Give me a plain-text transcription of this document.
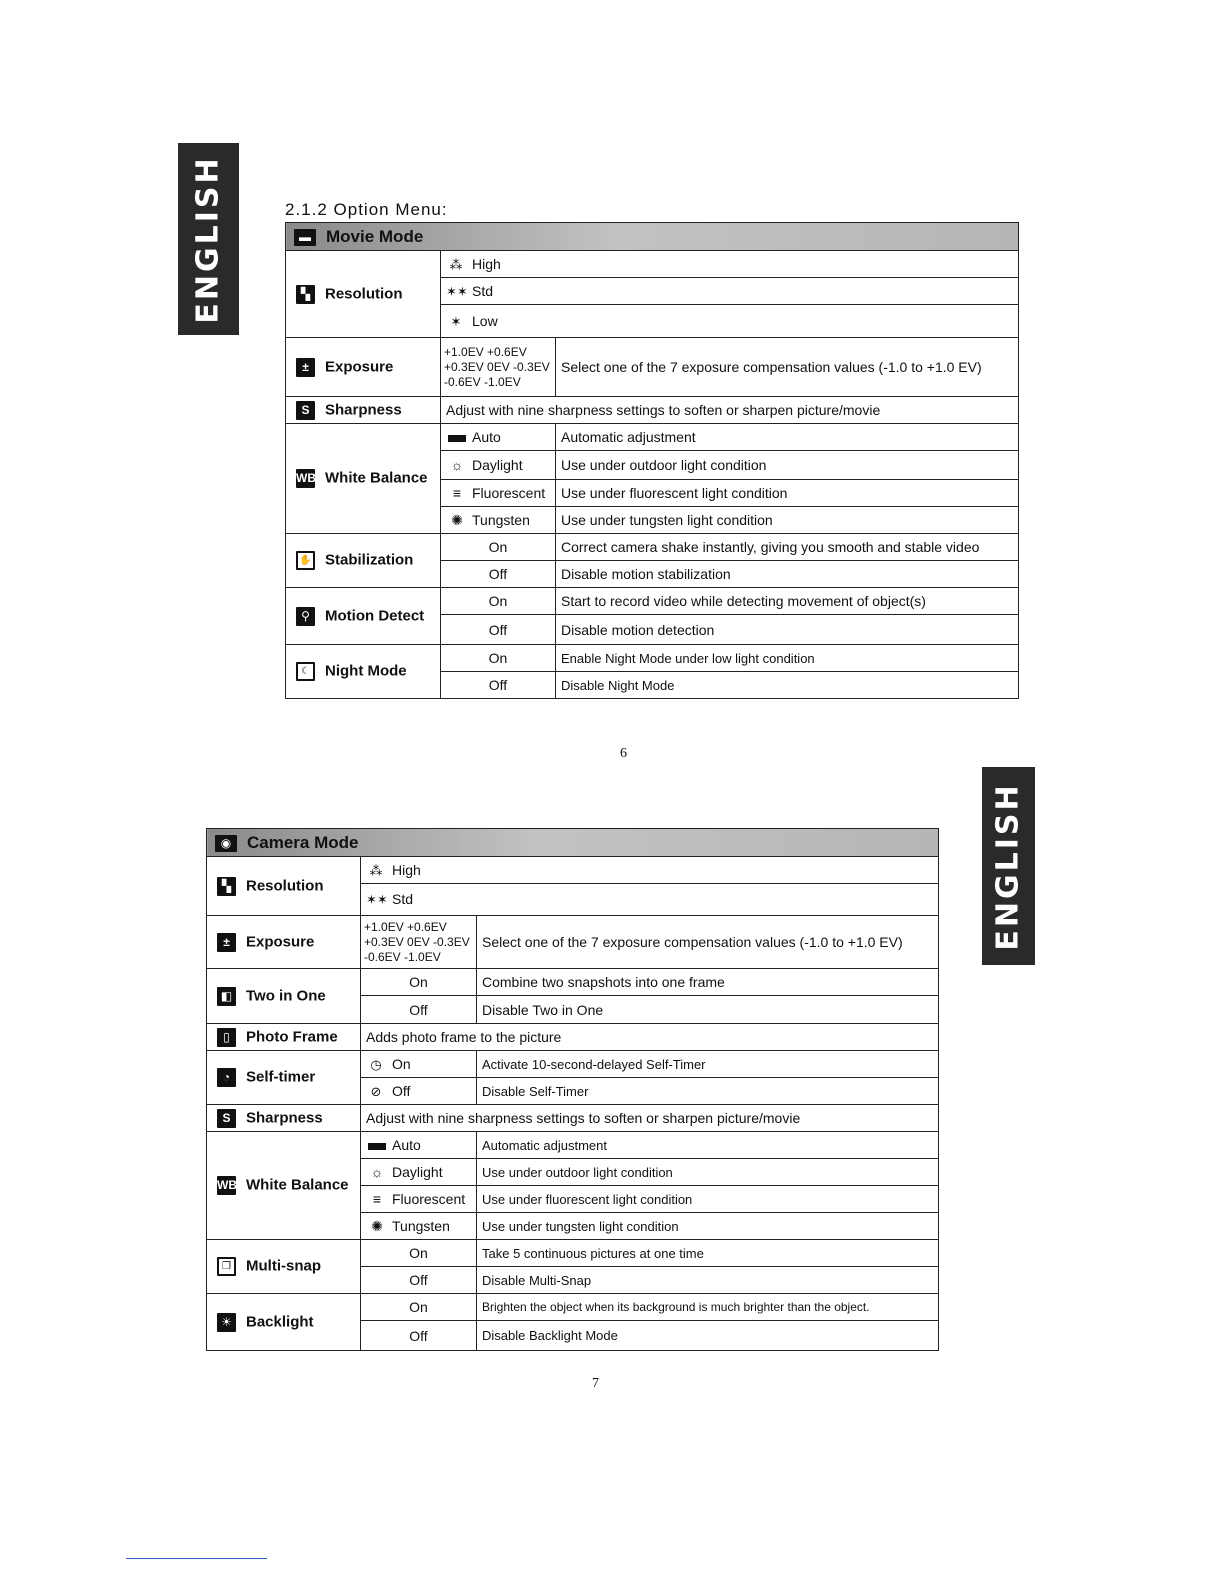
ENGLISH
ENGLISH
2.1.2 Option Menu:
▬ Movie Mode		
▚ Resolution	⁂ High	
	✶✶ Std	
	✶ Low	
± Exposure	+1.0EV +0.6EV
+0.3EV 0EV -0.3EV
-0.6EV -1.0EV	Select one of the 7 exposure compensation values (-1.0 to +1.0 EV)
S Sharpness	Adjust with nine sharpness settings to soften or sharpen picture/movie	
WB White Balance	Auto	Automatic adjustment
	☼ Daylight	Use under outdoor light condition
	≡ Fluorescent	Use under fluorescent light condition
	✺ Tungsten	Use under tungsten light condition
✋ Stabilization	On	Correct camera shake instantly, giving you smooth and stable video
	Off	Disable motion stabilization
⚲ Motion Detect	On	Start to record video while detecting movement of object(s)
	Off	Disable motion detection
☾ Night Mode	On	Enable Night Mode under low light condition
	Off	Disable Night Mode
6
◉ Camera Mode		
▚ Resolution	⁂ High	
	✶✶ Std	
± Exposure	+1.0EV +0.6EV
+0.3EV 0EV -0.3EV
-0.6EV -1.0EV	Select one of the 7 exposure compensation values (-1.0 to +1.0 EV)
◧ Two in One	On	Combine two snapshots into one frame
	Off	Disable Two in One
▯ Photo Frame	Adds photo frame to the picture	
◔ Self-timer	◷ On	Activate 10-second-delayed Self-Timer
	⊘ Off	Disable Self-Timer
S Sharpness	Adjust with nine sharpness settings to soften or sharpen picture/movie	
WB White Balance	Auto	Automatic adjustment
	☼ Daylight	Use under outdoor light condition
	≡ Fluorescent	Use under fluorescent light condition
	✺ Tungsten	Use under tungsten light condition
❐ Multi-snap	On	Take 5 continuous pictures at one time
	Off	Disable Multi-Snap
☀ Backlight	On	Brighten the object when its background is much brighter than the object.
	Off	Disable Backlight Mode
7
